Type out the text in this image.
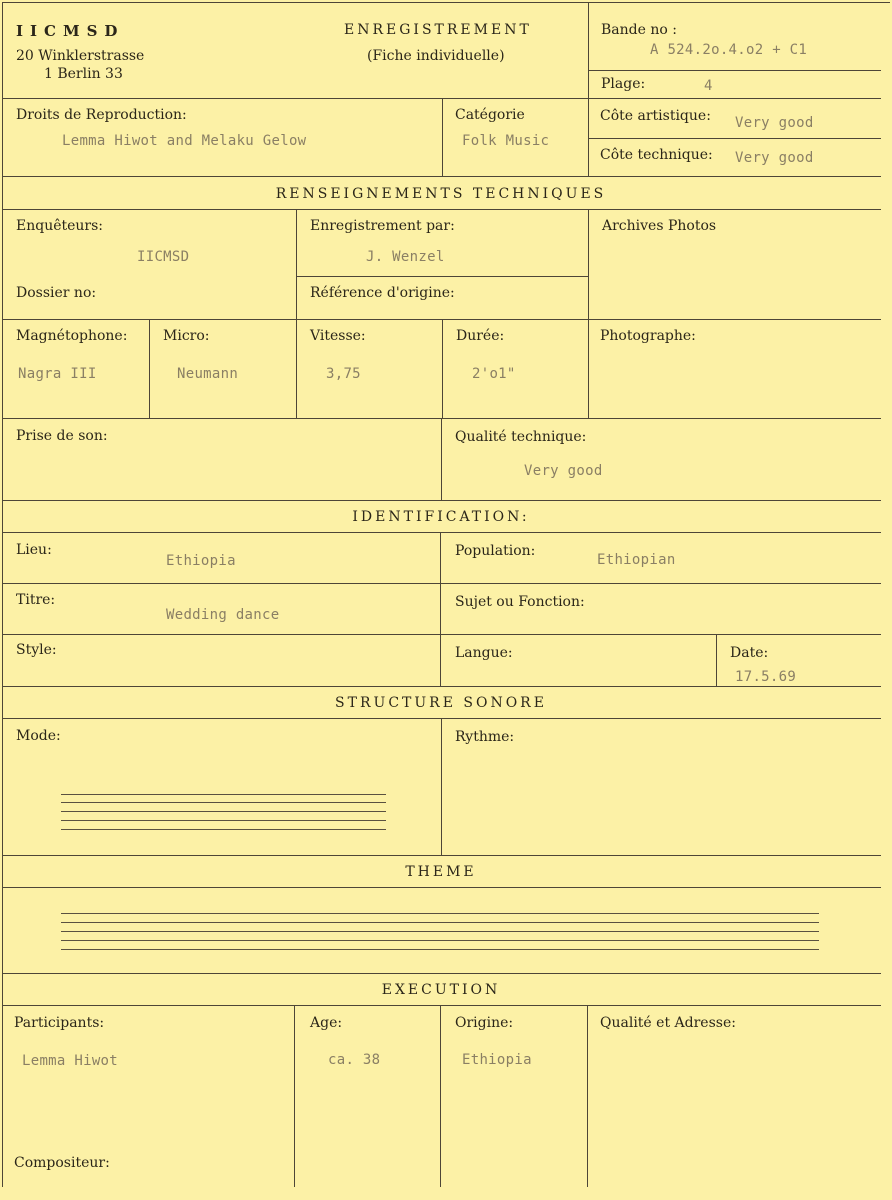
IICMSD
20 Winklerstrasse
1 Berlin 33
ENREGISTREMENT
(Fiche individuelle)
Bande no :
A 524.2o.4.o2 + C1
Plage:	4
Droits de Reproduction:
Lemma Hiwot and Melaku Gelow
Catégorie
Folk Music
Côte artistique: Very good
Côte technique: Very good
RENSEIGNEMENTS TECHNIQUES
Enquêteurs:
IICMSD
Enregistrement par:
J. Wenzel
Archives Photos
Dossier no:	Référence d'origine:
Magnétophone:
Nagra III
Micro:
Neumann
Vitesse:
3,75
Durée:
2'o1"
Photographe:
Prise de son:	Qualité technique:
Very good
IDENTIFICATION:
Lieu:
Ethiopia
Population:
Ethiopian
Titre:
Wedding dance
Sujet ou Fonction:
Style:	Langue:	Date:
17.5.69
STRUCTURE SONORE
Mode:	Rythme:
THEME
EXECUTION
Participants:
Lemma Hiwot
Age:
ca. 38
Origine:
Ethiopia
Qualité et Adresse:
Compositeur:
